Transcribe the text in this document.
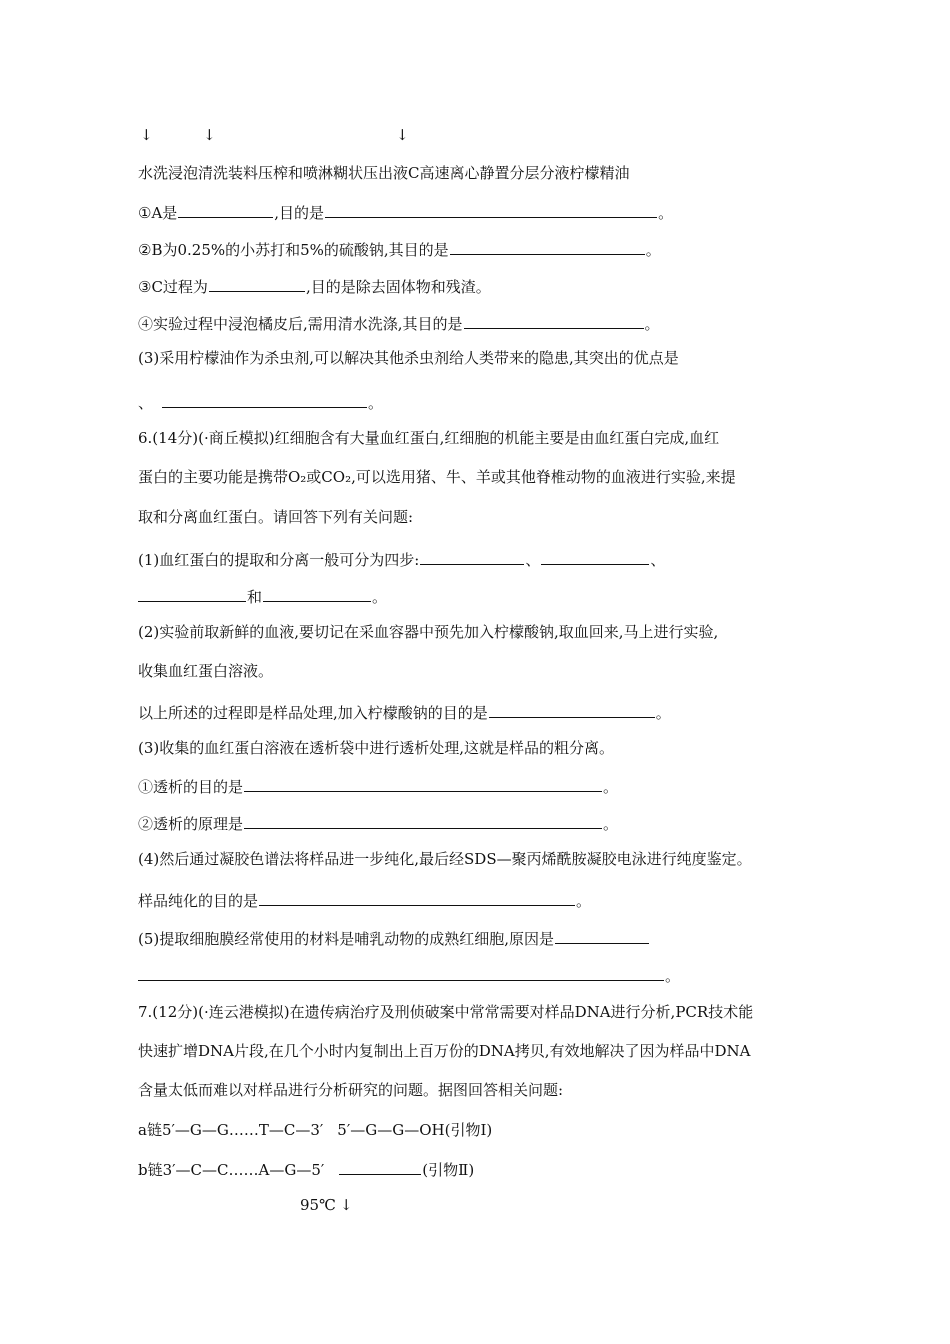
↓	↓	↓
水洗浸泡清洗装料压榨和喷淋糊状压出液C高速离心静置分层分液柠檬精油
①A是	,目的是	。
②B为0.25%的小苏打和5%的硫酸钠,其目的是	。
③C过程为	,目的是除去固体物和残渣。
④实验过程中浸泡橘皮后,需用清水洗涤,其目的是	。
(3)采用柠檬油作为杀虫剂,可以解决其他杀虫剂给人类带来的隐患,其突出的优点是
、	。
6.(14分)(·商丘模拟)红细胞含有大量血红蛋白,红细胞的机能主要是由血红蛋白完成,血红
蛋白的主要功能是携带O₂或CO₂,可以选用猪、牛、羊或其他脊椎动物的血液进行实验,来提
取和分离血红蛋白。请回答下列有关问题:
(1)血红蛋白的提取和分离一般可分为四步:	、	、
和	。
(2)实验前取新鲜的血液,要切记在采血容器中预先加入柠檬酸钠,取血回来,马上进行实验,
收集血红蛋白溶液。
以上所述的过程即是样品处理,加入柠檬酸钠的目的是	。
(3)收集的血红蛋白溶液在透析袋中进行透析处理,这就是样品的粗分离。
①透析的目的是	。
②透析的原理是	。
(4)然后通过凝胶色谱法将样品进一步纯化,最后经SDS—聚丙烯酰胺凝胶电泳进行纯度鉴定。
样品纯化的目的是	。
(5)提取细胞膜经常使用的材料是哺乳动物的成熟红细胞,原因是
。
7.(12分)(·连云港模拟)在遗传病治疗及刑侦破案中常常需要对样品DNA进行分析,PCR技术能
快速扩增DNA片段,在几个小时内复制出上百万份的DNA拷贝,有效地解决了因为样品中DNA
含量太低而难以对样品进行分析研究的问题。据图回答相关问题:
a链5′—G—G……T—C—3′ 5′—G—G—OH(引物Ⅰ)
b链3′—C—C……A—G—5′	(引物Ⅱ)
95℃ ↓
